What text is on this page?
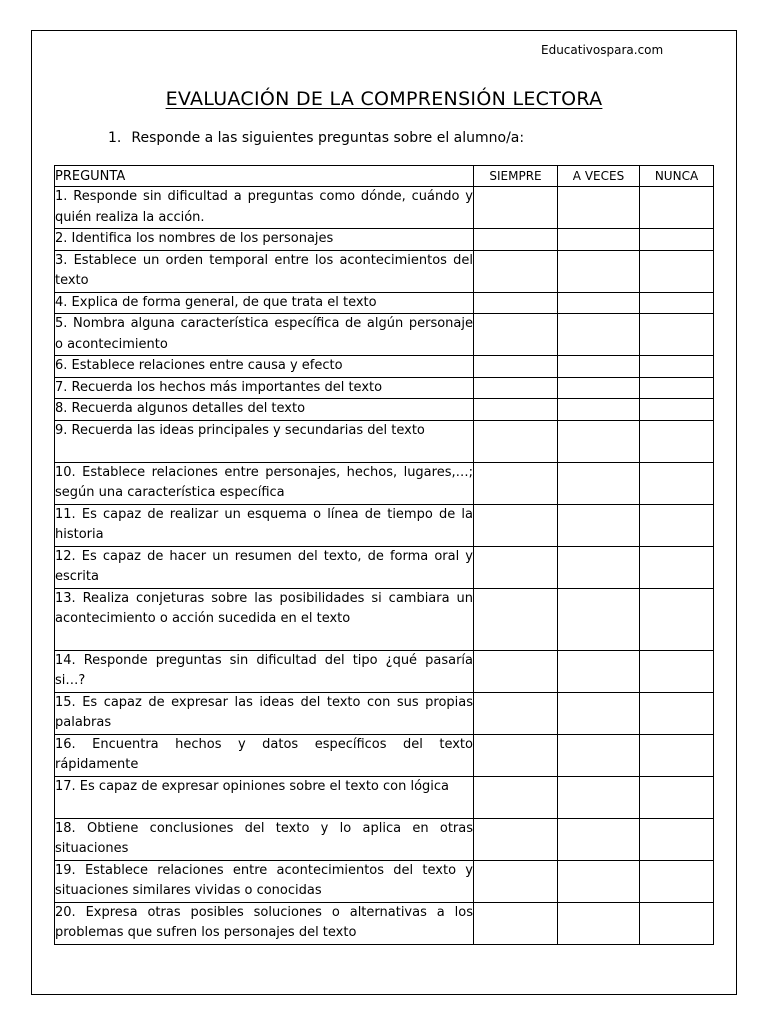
Educativospara.com
EVALUACIÓN DE LA COMPRENSIÓN LECTORA
1. Responde a las siguientes preguntas sobre el alumno/a:
PREGUNTA	SIEMPRE	A VECES	NUNCA
1. Responde sin dificultad a preguntas como dónde, cuándo y quién realiza la acción.			
2. Identifica los nombres de los personajes			
3. Establece un orden temporal entre los acontecimientos del texto			
4. Explica de forma general, de que trata el texto			
5. Nombra alguna característica específica de algún personaje o acontecimiento			
6. Establece relaciones entre causa y efecto			
7. Recuerda los hechos más importantes del texto			
8. Recuerda algunos detalles del texto			
9. Recuerda las ideas principales y secundarias del texto			
10. Establece relaciones entre personajes, hechos, lugares,…; según una característica específica			
11. Es capaz de realizar un esquema o línea de tiempo de la historia			
12. Es capaz de hacer un resumen del texto, de forma oral y escrita			
13. Realiza conjeturas sobre las posibilidades si cambiara un acontecimiento o acción sucedida en el texto			
14. Responde preguntas sin dificultad del tipo ¿qué pasaría si…?			
15. Es capaz de expresar las ideas del texto con sus propias palabras			
16. Encuentra hechos y datos específicos del texto rápidamente			
17. Es capaz de expresar opiniones sobre el texto con lógica			
18. Obtiene conclusiones del texto y lo aplica en otras situaciones			
19. Establece relaciones entre acontecimientos del texto y situaciones similares vividas o conocidas			
20. Expresa otras posibles soluciones o alternativas a los problemas que sufren los personajes del texto			
